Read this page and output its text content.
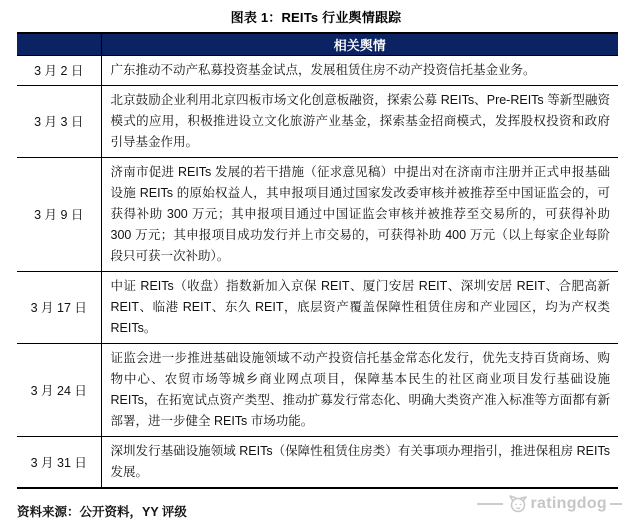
图表 1：REITs 行业舆情跟踪
	相关舆情
3 月 2 日	广东推动不动产私募投资基金试点，发展租赁住房不动产投资信托基金业务。
3 月 3 日	北京鼓励企业利用北京四板市场文化创意板融资，探索公募 REITs、Pre-REITs 等新型融资模式的应用，积极推进设立文化旅游产业基金，探索基金招商模式，发挥股权投资和政府引导基金作用。
3 月 9 日	济南市促进 REITs 发展的若干措施（征求意见稿）中提出对在济南市注册并正式申报基础设施 REITs 的原始权益人，其申报项目通过国家发改委审核并被推荐至中国证监会的，可获得补助 300 万元；其申报项目通过中国证监会审核并被推荐至交易所的，可获得补助 300 万元；其申报项目成功发行并上市交易的，可获得补助 400 万元（以上每家企业每阶段只可获一次补助）。
3 月 17 日	中证 REITs（收盘）指数新加入京保 REIT、厦门安居 REIT、深圳安居 REIT、合肥高新 REIT、临港 REIT、东久 REIT，底层资产覆盖保障性租赁住房和产业园区，均为产权类 REITs。
3 月 24 日	证监会进一步推进基础设施领域不动产投资信托基金常态化发行，优先支持百货商场、购物中心、农贸市场等城乡商业网点项目，保障基本民生的社区商业项目发行基础设施 REITs，在拓宽试点资产类型、推动扩募发行常态化、明确大类资产准入标准等方面都有新部署，进一步健全 REITs 市场功能。
3 月 31 日	深圳发行基础设施领域 REITs（保障性租赁住房类）有关事项办理指引，推进保租房 REITs 发展。
资料来源：公开资料，YY 评级	ratingdog
